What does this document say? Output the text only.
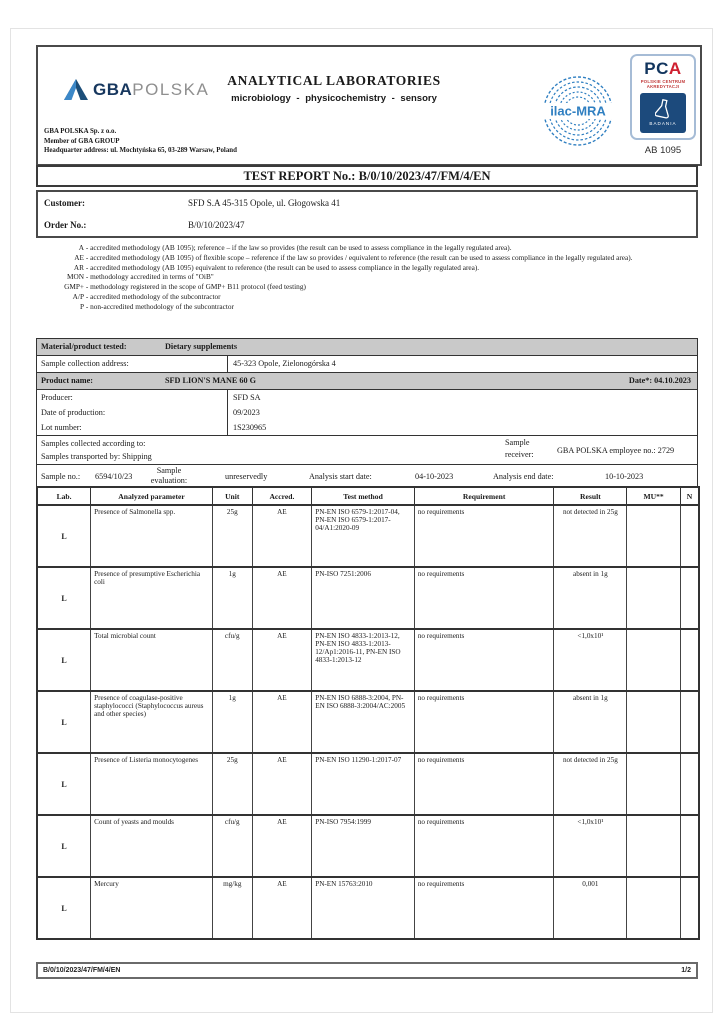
GBAPOLSKA	ANALYTICAL LABORATORIES
microbiology - physicochemistry - sensory
GBA POLSKA Sp. z o.o.
Member of GBA GROUP
Headquarter address: ul. Mochtyńska 65, 03-289 Warsaw, Poland
ilac-MRA
PCA
POLSKIE CENTRUM
AKREDYTACJI
BADANIA
AB 1095
TEST REPORT No.: B/0/10/2023/47/FM/4/EN
Customer:	SFD S.A 45-315 Opole, ul. Głogowska 41
Order No.:	B/0/10/2023/47
A - accredited methodology (AB 1095); reference – if the law so provides (the result can be used to assess compliance in the legally regulated area).
AE - accredited methodology (AB 1095) of flexible scope – reference if the law so provides / equivalent to reference (the result can be used to assess compliance in the legally regulated area).
AR - accredited methodology (AB 1095) equivalent to reference (the result can be used to assess compliance in the legally regulated area).
MON - methodology accredited in terms of "OiB"
GMP+ - methodology registered in the scope of GMP+ B11 protocol (feed testing)
A/P - accredited methodology of the subcontractor
P - non-accredited methodology of the subcontractor
Material/product tested:	Dietary supplements
Sample collection address:	45-323 Opole, Zielonogórska 4
Product name:	SFD LION'S MANE 60 G	Date*: 04.10.2023
Producer:	SFD SA
Date of production:	09/2023
Lot number:	1S230965
Samples collected according to:
Samples transported by: Shipping
Sample receiver:	GBA POLSKA employee no.: 2729
Sample no.: 6594/10/23
Sample evaluation:	unreservedly	Analysis start date:	04-10-2023	Analysis end date:	10-10-2023
Lab.	Analyzed parameter	Unit	Accred.	Test method	Requirement	Result	MU**	N
L	Presence of Salmonella spp.	25g	AE	PN-EN ISO 6579-1:2017-04, PN-EN ISO 6579-1:2017-04/A1:2020-09	no requirements	not detected in 25g		
L	Presence of presumptive Escherichia coli	1g	AE	PN-ISO 7251:2006	no requirements	absent in 1g		
L	Total microbial count	cfu/g	AE	PN-EN ISO 4833-1:2013-12, PN-EN ISO 4833-1:2013-12/Ap1:2016-11, PN-EN ISO 4833-1:2013-12	no requirements	<1,0x10¹		
L	Presence of coagulase-positive staphylococci (Staphylococcus aureus and other species)	1g	AE	PN-EN ISO 6888-3:2004, PN-EN ISO 6888-3:2004/AC:2005	no requirements	absent in 1g		
L	Presence of Listeria monocytogenes	25g	AE	PN-EN ISO 11290-1:2017-07	no requirements	not detected in 25g		
L	Count of yeasts and moulds	cfu/g	AE	PN-ISO 7954:1999	no requirements	<1,0x10¹		
L	Mercury	mg/kg	AE	PN-EN 15763:2010	no requirements	0,001		
B/0/10/2023/47/FM/4/EN	1/2
